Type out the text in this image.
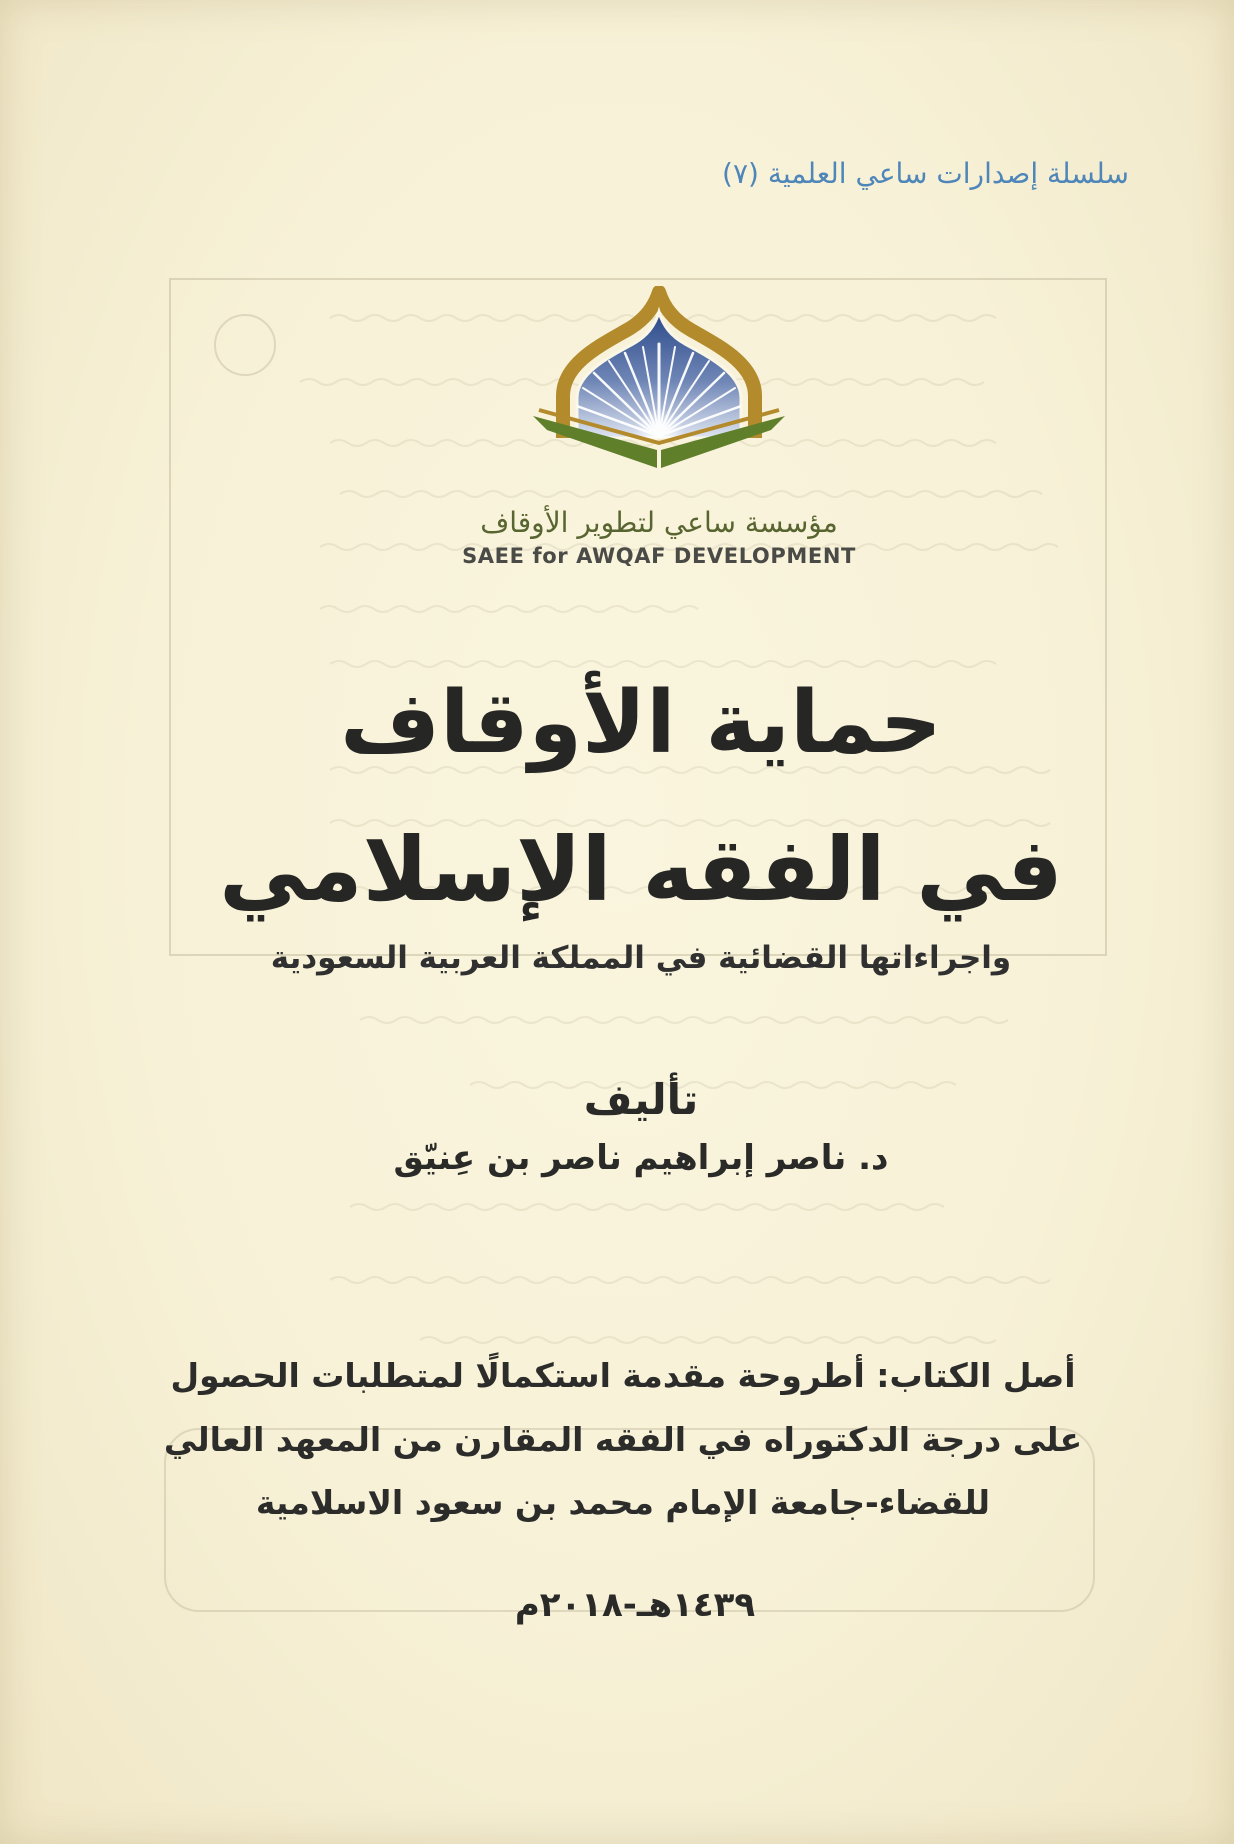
سلسلة إصدارات ساعي العلمية (٧)
مؤسسة ساعي لتطوير الأوقاف
SAEE for AWQAF DEVELOPMENT
حماية الأوقاف
في الفقه الإسلامي
واجراءاتها القضائية في المملكة العربية السعودية
تأليف
د. ناصر إبراهيم ناصر بن عِنيّق
أصل الكتاب: أطروحة مقدمة استكمالًا لمتطلبات الحصول
على درجة الدكتوراه في الفقه المقارن من المعهد العالي
للقضاء-جامعة الإمام محمد بن سعود الاسلامية
١٤٣٩هـ-٢٠١٨م
